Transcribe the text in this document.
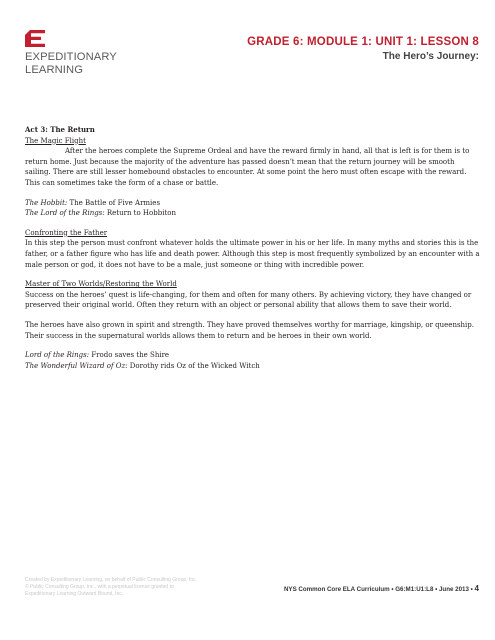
EXPEDITIONARY
LEARNING
GRADE 6: MODULE 1: UNIT 1: LESSON 8
The Hero’s Journey:

Act 3: The Return

The Magic Flight

After the heroes complete the Supreme Ordeal and have the reward firmly in hand, all that is left is for them is to return home. Just because the majority of the adventure has passed doesn’t mean that the return journey will be smooth sailing. There are still lesser homebound obstacles to encounter. At some point the hero must often escape with the reward. This can sometimes take the form of a chase or battle.

The Hobbit: The Battle of Five Armies

The Lord of the Rings: Return to Hobbiton

Confronting the Father

In this step the person must confront whatever holds the ultimate power in his or her life. In many myths and stories this is the father, or a father figure who has life and death power. Although this step is most frequently symbolized by an encounter with a male person or god, it does not have to be a male, just someone or thing with incredible power.

Master of Two Worlds/Restoring the World

Success on the heroes’ quest is life-changing, for them and often for many others. By achieving victory, they have changed or preserved their original world. Often they return with an object or personal ability that allows them to save their world.

The heroes have also grown in spirit and strength. They have proved themselves worthy for marriage, kingship, or queenship. Their success in the supernatural worlds allows them to return and be heroes in their own world.

Lord of the Rings: Frodo saves the Shire

The Wonderful Wizard of Oz: Dorothy rids Oz of the Wicked Witch

Created by Expeditionary Learning, on behalf of Public Consulting Group, Inc.
© Public Consulting Group, Inc., with a perpetual license granted to
Expeditionary Learning Outward Bound, Inc.
NYS Common Core ELA Curriculum • G6:M1:U1:L8 • June 2013 • 4
